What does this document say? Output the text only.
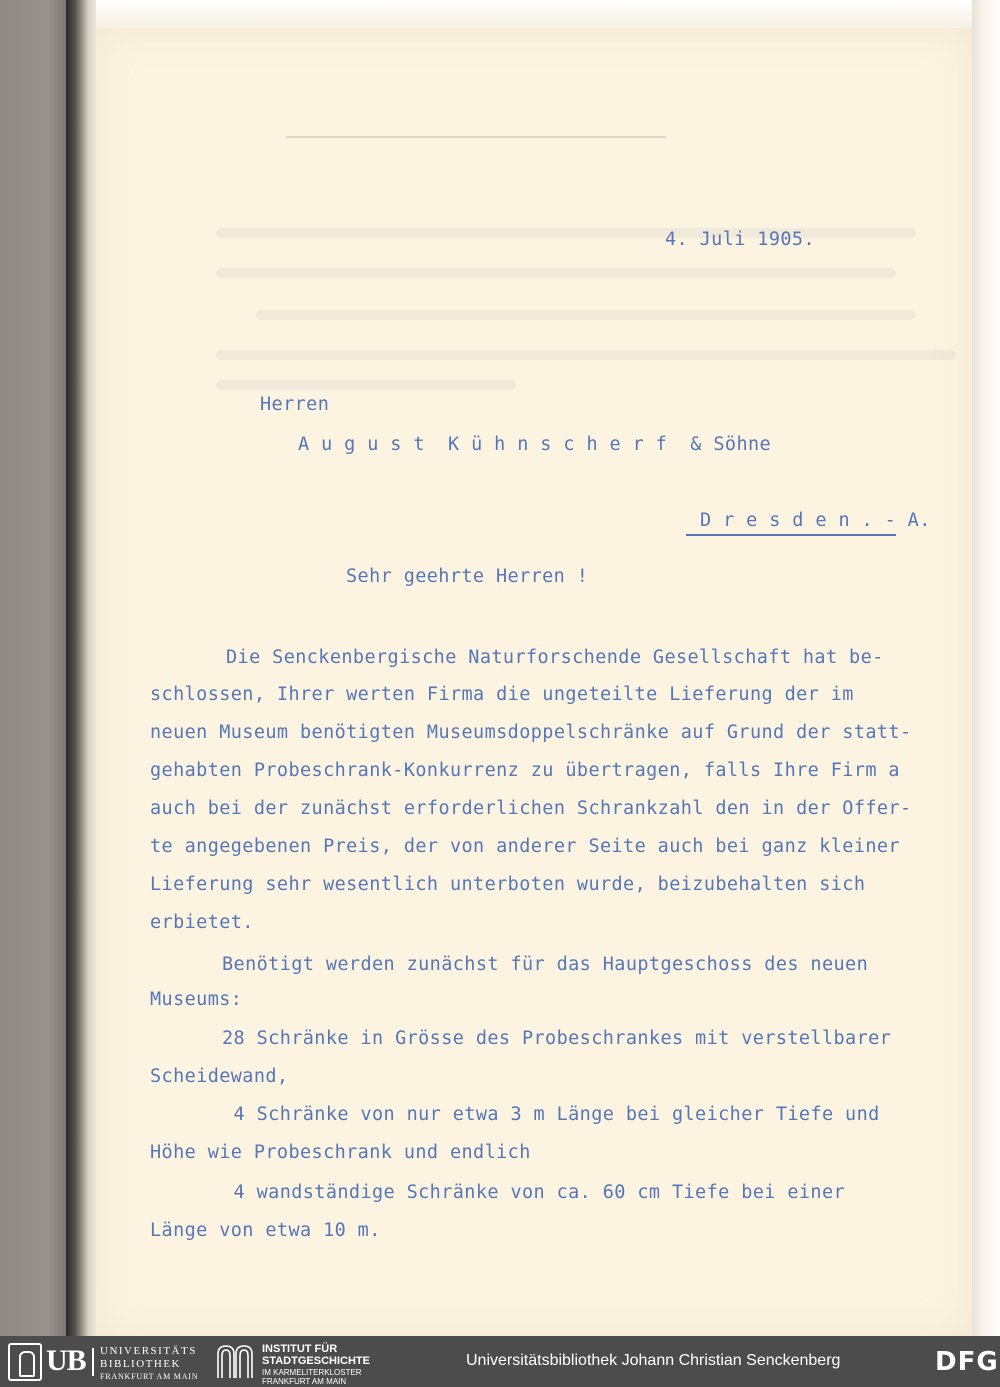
4. Juli 1905.
Herren
A u g u s t  K ü h n s c h e r f  & Söhne
D r e s d e n . - A.
Sehr geehrte Herren !
Die Senckenbergische Naturforschende Gesellschaft hat be-
schlossen, Ihrer werten Firma die ungeteilte Lieferung der im
neuen Museum benötigten Museumsdoppelschränke auf Grund der statt-
gehabten Probeschrank-Konkurrenz zu übertragen, falls Ihre Firm a
auch bei der zunächst erforderlichen Schrankzahl den in der Offer-
te angegebenen Preis, der von anderer Seite auch bei ganz kleiner
Lieferung sehr wesentlich unterboten wurde, beizubehalten sich
erbietet.
Benötigt werden zunächst für das Hauptgeschoss des neuen
Museums:
28 Schränke in Grösse des Probeschrankes mit verstellbarer
Scheidewand,
4 Schränke von nur etwa 3 m Länge bei gleicher Tiefe und
Höhe wie Probeschrank und endlich
4 wandständige Schränke von ca. 60 cm Tiefe bei einer
Länge von etwa 10 m.
UB UNIVERSITÄTS
BIBLIOTHEK
FRANKFURT AM MAIN
INSTITUT FÜR
STADTGESCHICHTE
IM KARMELITERKLOSTER
FRANKFURT AM MAIN
Universitätsbibliothek Johann Christian Senckenberg	DFG
